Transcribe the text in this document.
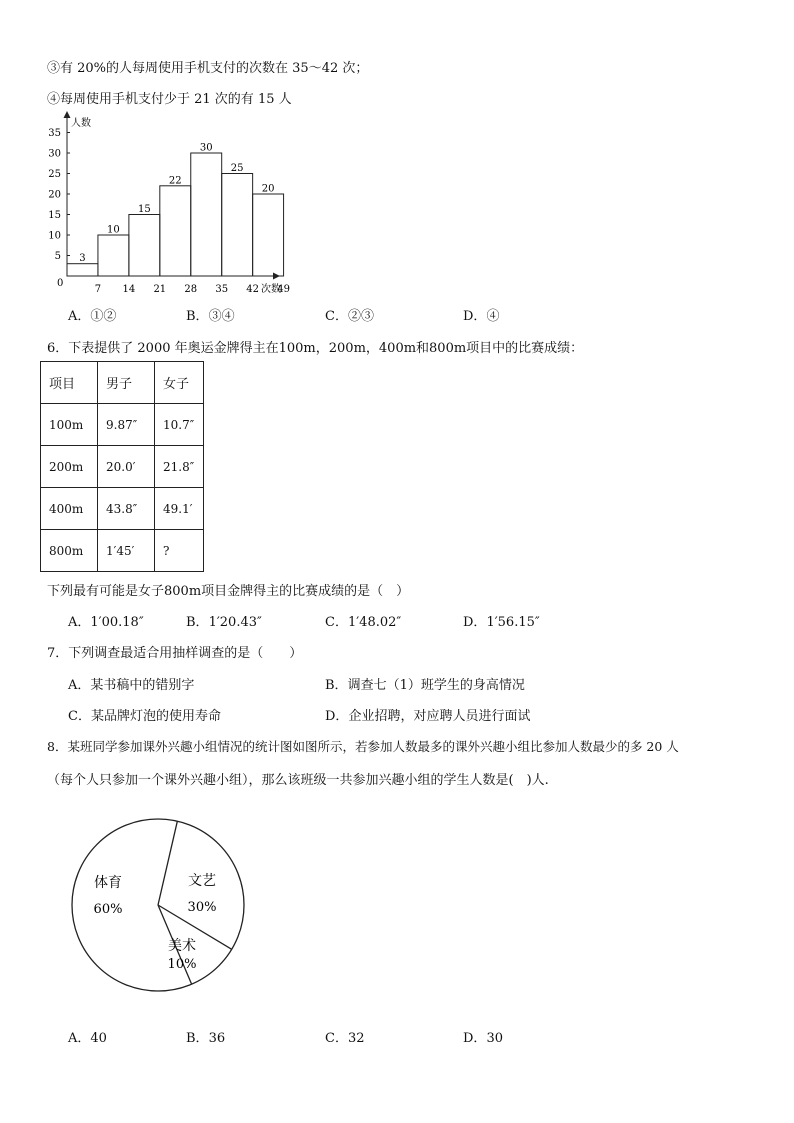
③有 20%的人每周使用手机支付的次数在 35～42 次；
④每周使用手机支付少于 21 次的有 15 人
人数
次数
0
5
10
15
20
25
30
35
7 14 21 28 35 42 49
3
10
15
22
30
25
20
A．①②	B．③④	C．②③	D．④
6．下表提供了 2000 年奥运金牌得主在100m，200m，400m和800m项目中的比赛成绩：
项目	男子	女子
100m	9.87″	10.7″
200m	20.0′	21.8″
400m	43.8″	49.1′
800m	1′45′	?
下列最有可能是女子800m项目金牌得主的比赛成绩的是（　）
A．1′00.18″	B．1′20.43″	C．1′48.02″	D．1′56.15″
7．下列调查最适合用抽样调查的是（　　）
A．某书稿中的错别字	B．调查七（1）班学生的身高情况
C．某品牌灯泡的使用寿命	D．企业招聘，对应聘人员进行面试
8．某班同学参加课外兴趣小组情况的统计图如图所示，若参加人数最多的课外兴趣小组比参加人数最少的多 20 人
（每个人只参加一个课外兴趣小组），那么该班级一共参加兴趣小组的学生人数是(　)人.
体育
60%
文艺
30%
美术
10%
A．40	B．36	C．32	D．30
